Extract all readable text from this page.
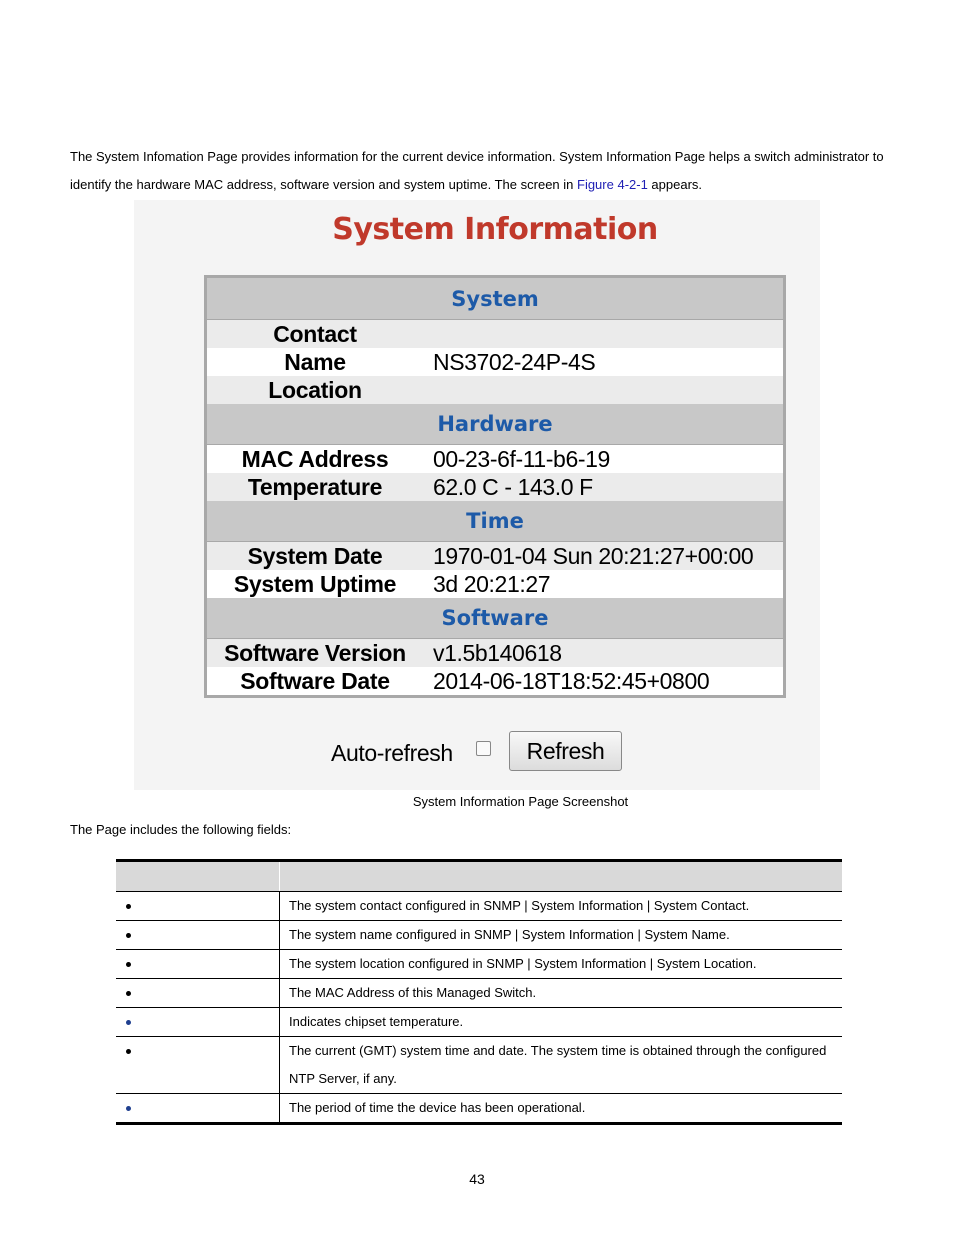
The System Infomation Page provides information for the current device information. System Information Page helps a switch administrator to identify the hardware MAC address, software version and system uptime. The screen in Figure 4-2-1 appears.

System Information
System
Contact
Name	NS3702-24P-4S
Location
Hardware
MAC Address	00-23-6f-11-b6-19
Temperature	62.0 C - 143.0 F
Time
System Date	1970-01-04 Sun 20:21:27+00:00
System Uptime	3d 20:21:27
Software
Software Version	v1.5b140618
Software Date	2014-06-18T18:52:45+0800
Auto-refresh	Refresh
System Information Page Screenshot
The Page includes the following fields:
The system contact configured in SNMP | System Information | System Contact.
The system name configured in SNMP | System Information | System Name.
The system location configured in SNMP | System Information | System Location.
The MAC Address of this Managed Switch.
Indicates chipset temperature.
The current (GMT) system time and date. The system time is obtained through the configured NTP Server, if any.
The period of time the device has been operational.
43
